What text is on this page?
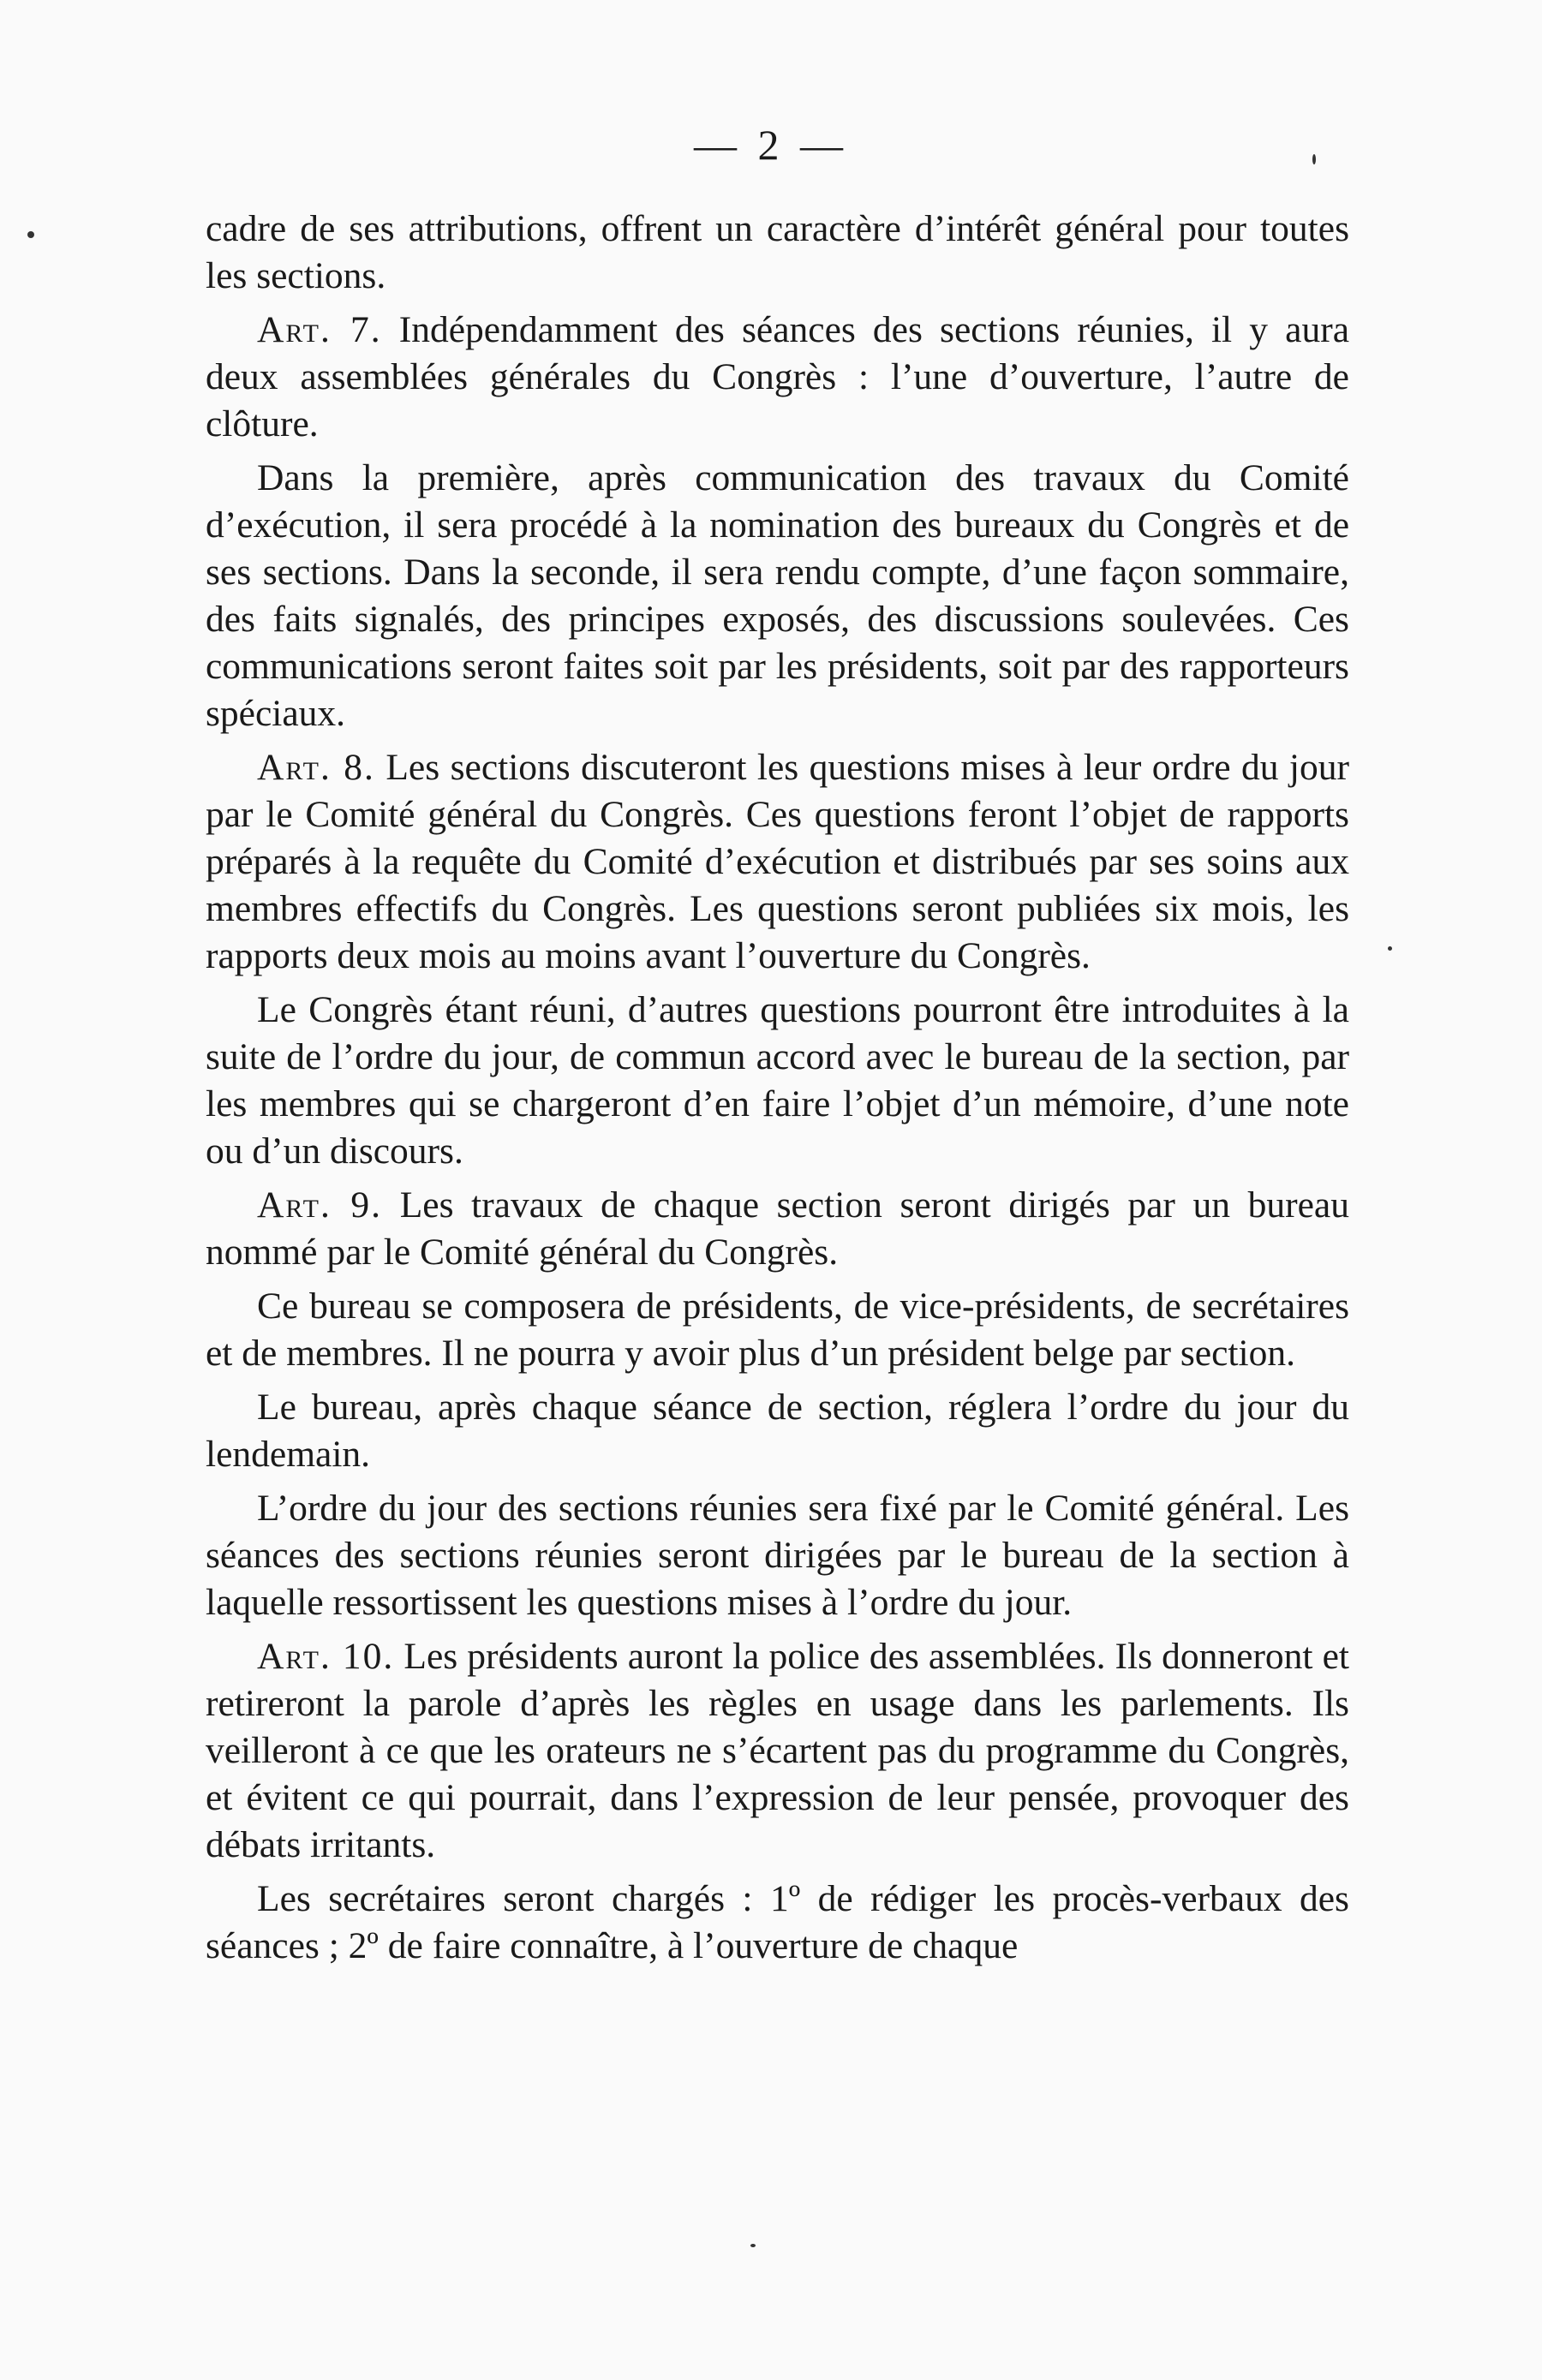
— 2 —

cadre de ses attributions, offrent un caractère d’intérêt général pour toutes les sections.

Art. 7. Indépendamment des séances des sections réunies, il y aura deux assemblées générales du Congrès : l’une d’ouverture, l’autre de clôture.

Dans la première, après communication des travaux du Comité d’exécution, il sera procédé à la nomination des bureaux du Congrès et de ses sections. Dans la seconde, il sera rendu compte, d’une façon sommaire, des faits signalés, des principes exposés, des discussions soulevées. Ces communications seront faites soit par les présidents, soit par des rapporteurs spéciaux.

Art. 8. Les sections discuteront les questions mises à leur ordre du jour par le Comité général du Congrès. Ces questions feront l’objet de rapports préparés à la requête du Comité d’exécution et distribués par ses soins aux membres effectifs du Congrès. Les questions seront publiées six mois, les rapports deux mois au moins avant l’ouverture du Congrès.

Le Congrès étant réuni, d’autres questions pourront être introduites à la suite de l’ordre du jour, de commun accord avec le bureau de la section, par les membres qui se chargeront d’en faire l’objet d’un mémoire, d’une note ou d’un discours.

Art. 9. Les travaux de chaque section seront dirigés par un bureau nommé par le Comité général du Congrès.

Ce bureau se composera de présidents, de vice-présidents, de secrétaires et de membres. Il ne pourra y avoir plus d’un président belge par section.

Le bureau, après chaque séance de section, réglera l’ordre du jour du lendemain.

L’ordre du jour des sections réunies sera fixé par le Comité général. Les séances des sections réunies seront dirigées par le bureau de la section à laquelle ressortissent les questions mises à l’ordre du jour.

Art. 10. Les présidents auront la police des assemblées. Ils donneront et retireront la parole d’après les règles en usage dans les parlements. Ils veilleront à ce que les orateurs ne s’écartent pas du programme du Congrès, et évitent ce qui pourrait, dans l’expression de leur pensée, provoquer des débats irritants.

Les secrétaires seront chargés : 1º de rédiger les procès-verbaux des séances ; 2º de faire connaître, à l’ouverture de chaque
